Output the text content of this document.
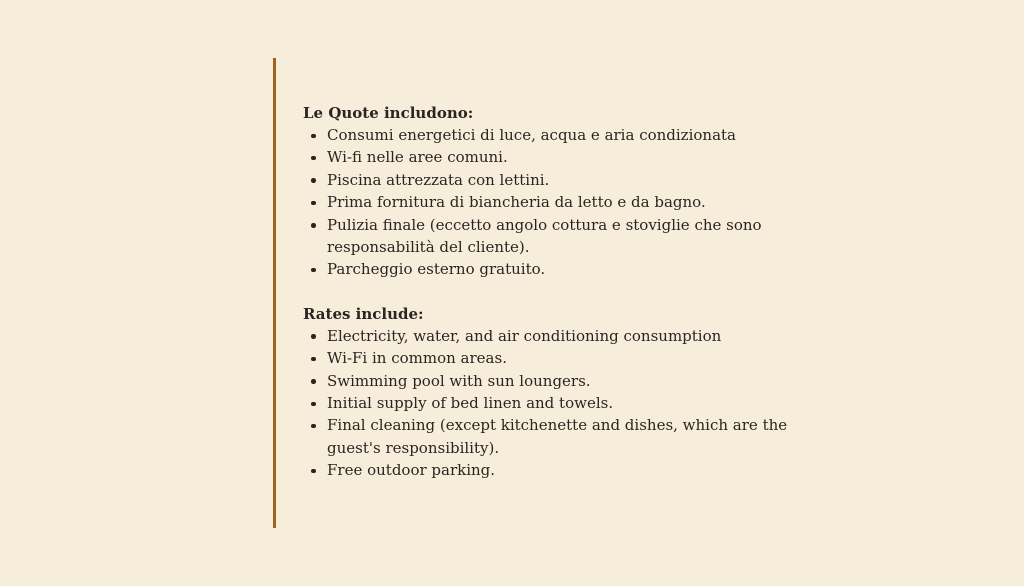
Le Quote includono:

Consumi energetici di luce, acqua e aria condizionata
Wi-fi nelle aree comuni.
Piscina attrezzata con lettini.
Prima fornitura di biancheria da letto e da bagno.
Pulizia finale (eccetto angolo cottura e stoviglie che sono responsabilità del cliente).
Parcheggio esterno gratuito.

Rates include:

Electricity, water, and air conditioning consumption
Wi-Fi in common areas.
Swimming pool with sun loungers.
Initial supply of bed linen and towels.
Final cleaning (except kitchenette and dishes, which are the guest's responsibility).
Free outdoor parking.
